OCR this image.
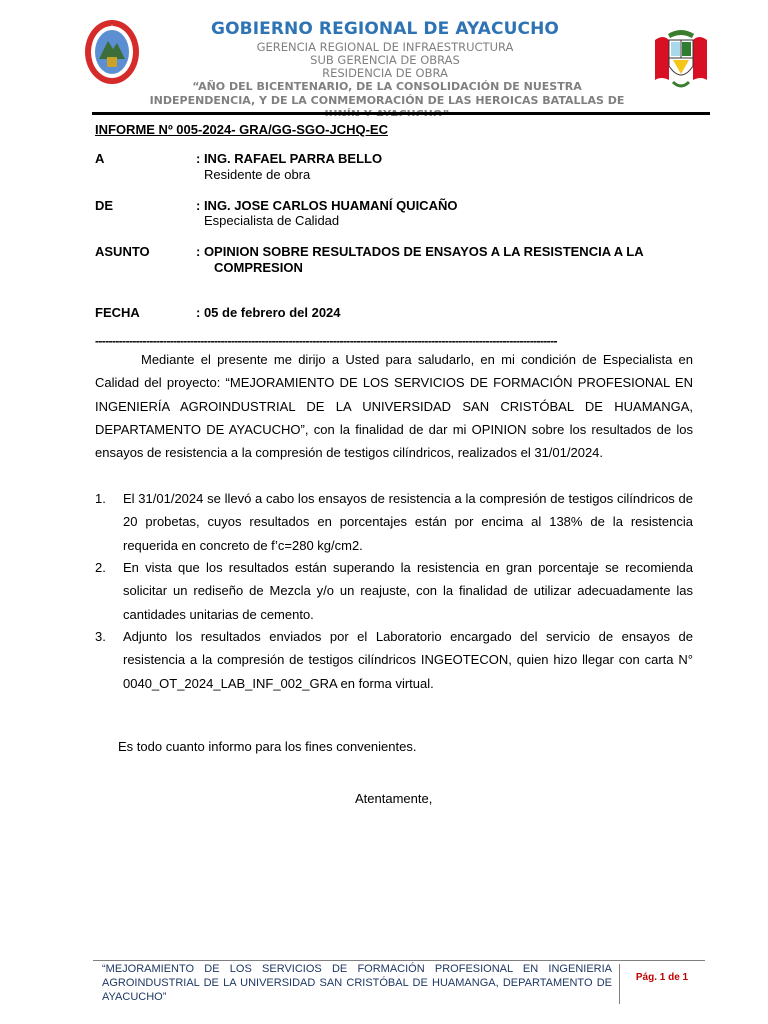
GOBIERNO REGIONAL DE AYACUCHO
GERENCIA REGIONAL DE INFRAESTRUCTURA
SUB GERENCIA DE OBRAS
RESIDENCIA DE OBRA
“AÑO DEL BICENTENARIO, DE LA CONSOLIDACIÓN DE NUESTRA INDEPENDENCIA, Y DE LA CONMEMORACIÓN DE LAS HEROICAS BATALLAS DE
INFORME Nº 005-2024- GRA/GG-SGO-JCHQ-EC
A	: ING. RAFAEL PARRA BELLO
Residente de obra
DE	: ING. JOSE CARLOS HUAMANÍ QUICAÑO
Especialista de Calidad
ASUNTO	: OPINION SOBRE RESULTADOS DE ENSAYOS A LA RESISTENCIA A LA
COMPRESION
FECHA	: 05 de febrero del 2024
----------------------------------------------------------------------------------------------------------------------------------------
Mediante el presente me dirijo a Usted para saludarlo, en mi condición de Especialista en Calidad del proyecto: “MEJORAMIENTO DE LOS SERVICIOS DE FORMACIÓN PROFESIONAL EN INGENIERÍA AGROINDUSTRIAL DE LA UNIVERSIDAD SAN CRISTÓBAL DE HUAMANGA, DEPARTAMENTO DE AYACUCHO”, con la finalidad de dar mi OPINION sobre los resultados de los ensayos de resistencia a la compresión de testigos cilíndricos, realizados el 31/01/2024.
1. El 31/01/2024 se llevó a cabo los ensayos de resistencia a la compresión de testigos cilíndricos de 20 probetas, cuyos resultados en porcentajes están por encima al 138% de la resistencia requerida en concreto de f’c=280 kg/cm2.
2. En vista que los resultados están superando la resistencia en gran porcentaje se recomienda solicitar un rediseño de Mezcla y/o un reajuste, con la finalidad de utilizar adecuadamente las cantidades unitarias de cemento.
3. Adjunto los resultados enviados por el Laboratorio encargado del servicio de ensayos de resistencia a la compresión de testigos cilíndricos INGEOTECON, quien hizo llegar con carta N° 0040_OT_2024_LAB_INF_002_GRA en forma virtual.
Es todo cuanto informo para los fines convenientes.
Atentamente,
“MEJORAMIENTO DE LOS SERVICIOS DE FORMACIÓN PROFESIONAL EN INGENIERIA AGROINDUSTRIAL DE LA UNIVERSIDAD SAN CRISTÓBAL DE HUAMANGA, DEPARTAMENTO DE AYACUCHO”
Pág. 1 de 1
